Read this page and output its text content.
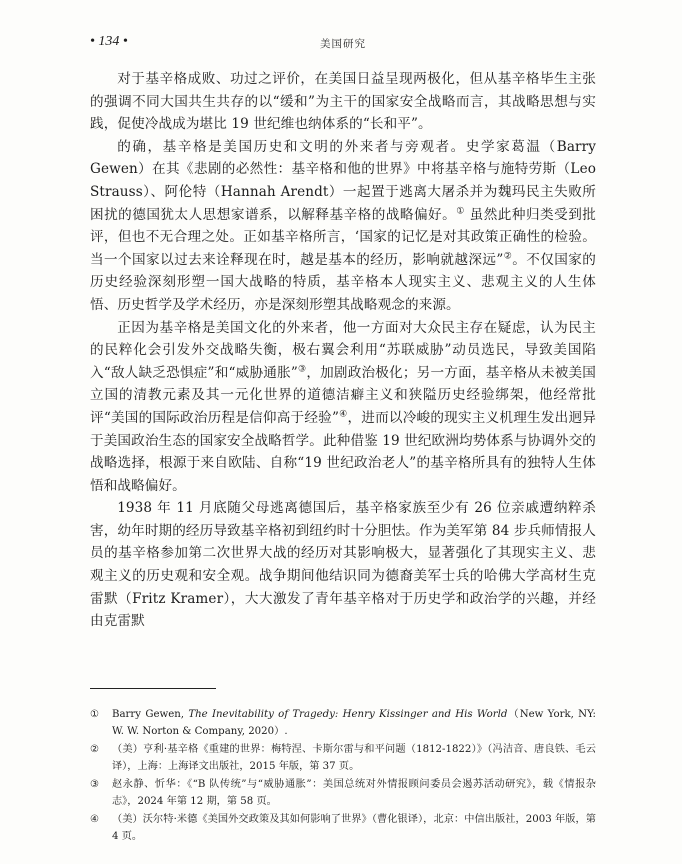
• 134 •	美国研究

对于基辛格成败、功过之评价，在美国日益呈现两极化，但从基辛格毕生主张的强调不同大国共生共存的以“缓和”为主干的国家安全战略而言，其战略思想与实践，促使冷战成为堪比 19 世纪维也纳体系的“长和平”。

的确，基辛格是美国历史和文明的外来者与旁观者。史学家葛温（Barry Gewen）在其《悲剧的必然性：基辛格和他的世界》中将基辛格与施特劳斯（Leo Strauss）、阿伦特（Hannah Arendt）一起置于逃离大屠杀并为魏玛民主失败所困扰的德国犹太人思想家谱系，以解释基辛格的战略偏好。① 虽然此种归类受到批评，但也不无合理之处。正如基辛格所言，‘国家的记忆是对其政策正确性的检验。当一个国家以过去来诠释现在时，越是基本的经历，影响就越深远”②。不仅国家的历史经验深刻形塑一国大战略的特质，基辛格本人现实主义、悲观主义的人生体悟、历史哲学及学术经历，亦是深刻形塑其战略观念的来源。

正因为基辛格是美国文化的外来者，他一方面对大众民主存在疑虑，认为民主的民粹化会引发外交战略失衡，极右翼会利用“苏联威胁”动员选民，导致美国陷入“敌人缺乏恐惧症”和“威胁通胀”③，加剧政治极化；另一方面，基辛格从未被美国立国的清教元素及其一元化世界的道德洁癖主义和狭隘历史经验绑架，他经常批评“美国的国际政治历程是信仰高于经验”④，进而以冷峻的现实主义机理生发出迥异于美国政治生态的国家安全战略哲学。此种借鉴 19 世纪欧洲均势体系与协调外交的战略选择，根源于来自欧陆、自称“19 世纪政治老人”的基辛格所具有的独特人生体悟和战略偏好。

1938 年 11 月底随父母逃离德国后，基辛格家族至少有 26 位亲戚遭纳粹杀害，幼年时期的经历导致基辛格初到纽约时十分胆怯。作为美军第 84 步兵师情报人员的基辛格参加第二次世界大战的经历对其影响极大，显著强化了其现实主义、悲观主义的历史观和安全观。战争期间他结识同为德裔美军士兵的哈佛大学高材生克雷默（Fritz Kramer），大大激发了青年基辛格对于历史学和政治学的兴趣，并经由克雷默

①	Barry Gewen, The Inevitability of Tragedy: Henry Kissinger and His World（New York, NY: W. W. Norton & Company, 2020）.
②	（美）亨利·基辛格《重建的世界：梅特涅、卡斯尔雷与和平问题（1812-1822）》（冯洁音、唐良铁、毛云译），上海：上海译文出版社，2015 年版，第 37 页。
③	赵永静、忻华：《“B 队传统”与“威胁通胀”：美国总统对外情报顾问委员会遏苏活动研究》，载《情报杂志》，2024 年第 12 期，第 58 页。
④	（美）沃尔特·米德《美国外交政策及其如何影响了世界》（曹化银译），北京：中信出版社，2003 年版，第 4 页。
